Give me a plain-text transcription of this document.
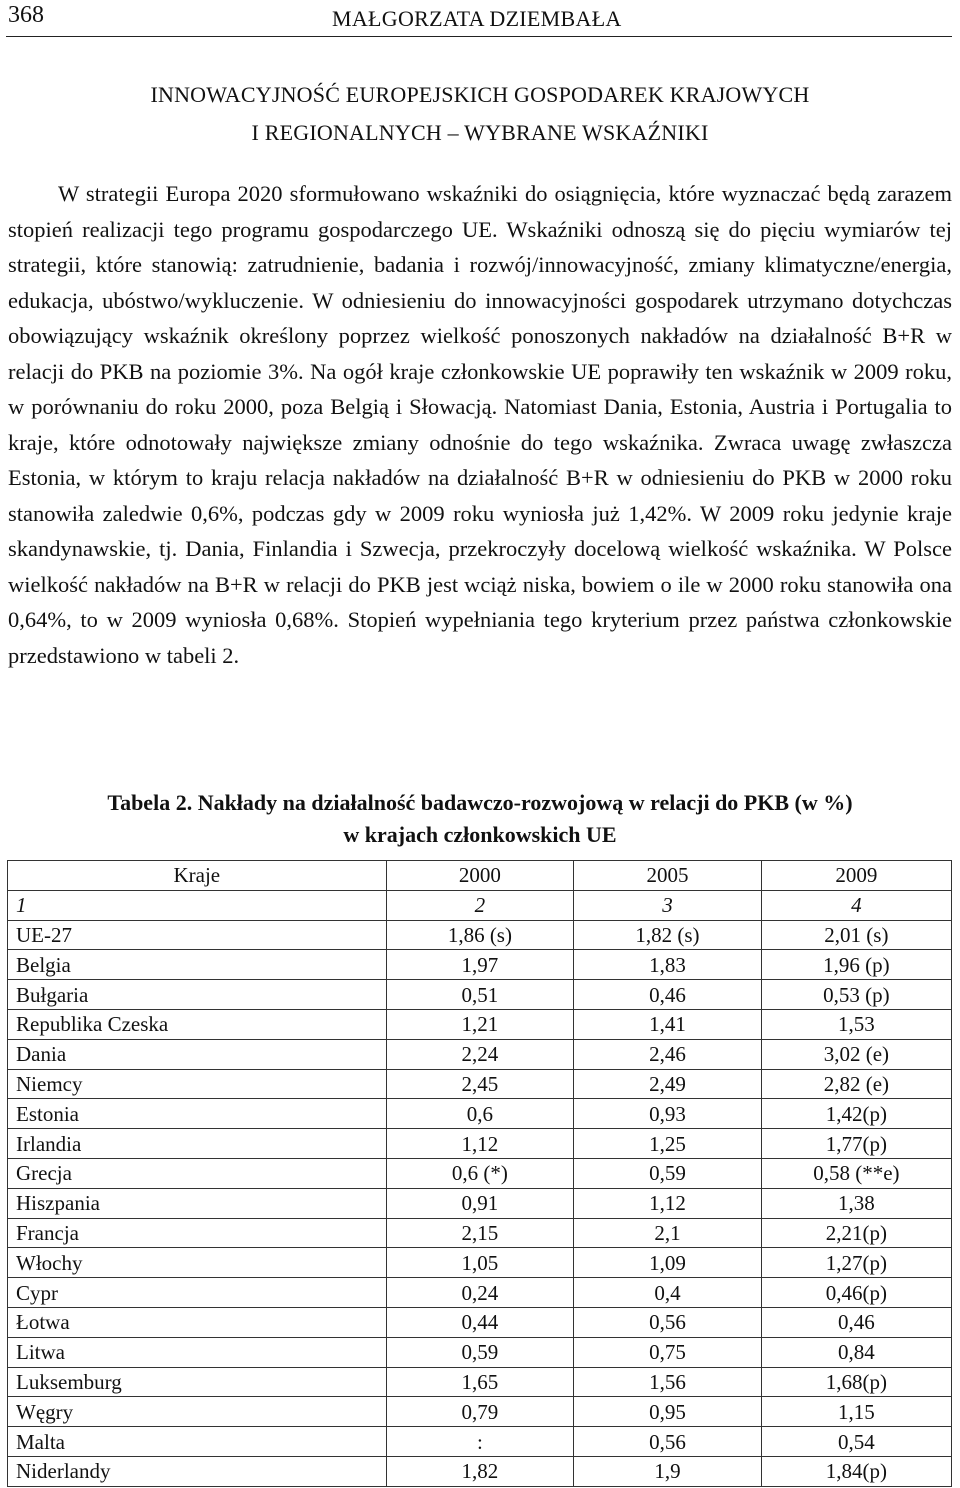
368	MAŁGORZATA DZIEMBAŁA
INNOWACYJNOŚĆ EUROPEJSKICH GOSPODAREK KRAJOWYCH
I REGIONALNYCH – WYBRANE WSKAŹNIKI

W strategii Europa 2020 sformułowano wskaźniki do osiągnięcia, które wyznaczać będą zarazem stopień realizacji tego programu gospodarczego UE. Wskaźniki odnoszą się do pięciu wymiarów tej strategii, które stanowią: zatrudnienie, badania i rozwój/innowacyjność, zmiany klimatyczne/energia, edukacja, ubóstwo/wykluczenie. W odniesieniu do innowacyjności gospodarek utrzymano dotychczas obowiązujący wskaźnik określony poprzez wielkość ponoszonych nakładów na działalność B+R w relacji do PKB na poziomie 3%. Na ogół kraje członkowskie UE poprawiły ten wskaźnik w 2009 roku, w porównaniu do roku 2000, poza Belgią i Słowacją. Natomiast Dania, Estonia, Austria i Portugalia to kraje, które odnotowały największe zmiany odnośnie do tego wskaźnika. Zwraca uwagę zwłaszcza Estonia, w którym to kraju relacja nakładów na działalność B+R w odniesieniu do PKB w 2000 roku stanowiła zaledwie 0,6%, podczas gdy w 2009 roku wyniosła już 1,42%. W 2009 roku jedynie kraje skandynawskie, tj. Dania, Finlandia i Szwecja, przekroczyły docelową wielkość wskaźnika. W Polsce wielkość nakładów na B+R w relacji do PKB jest wciąż niska, bowiem o ile w 2000 roku stanowiła ona 0,64%, to w 2009 wyniosła 0,68%. Stopień wypełniania tego kryterium przez państwa członkowskie przedstawiono w tabeli 2.

Tabela 2. Nakłady na działalność badawczo-rozwojową w relacji do PKB (w %)
w krajach członkowskich UE
Kraje	2000	2005	2009
1	2	3	4
UE-27	1,86 (s)	1,82 (s)	2,01 (s)
Belgia	1,97	1,83	1,96 (p)
Bułgaria	0,51	0,46	0,53 (p)
Republika Czeska	1,21	1,41	1,53
Dania	2,24	2,46	3,02 (e)
Niemcy	2,45	2,49	2,82 (e)
Estonia	0,6	0,93	1,42(p)
Irlandia	1,12	1,25	1,77(p)
Grecja	0,6 (*)	0,59	0,58 (**e)
Hiszpania	0,91	1,12	1,38
Francja	2,15	2,1	2,21(p)
Włochy	1,05	1,09	1,27(p)
Cypr	0,24	0,4	0,46(p)
Łotwa	0,44	0,56	0,46
Litwa	0,59	0,75	0,84
Luksemburg	1,65	1,56	1,68(p)
Węgry	0,79	0,95	1,15
Malta	:	0,56	0,54
Niderlandy	1,82	1,9	1,84(p)
